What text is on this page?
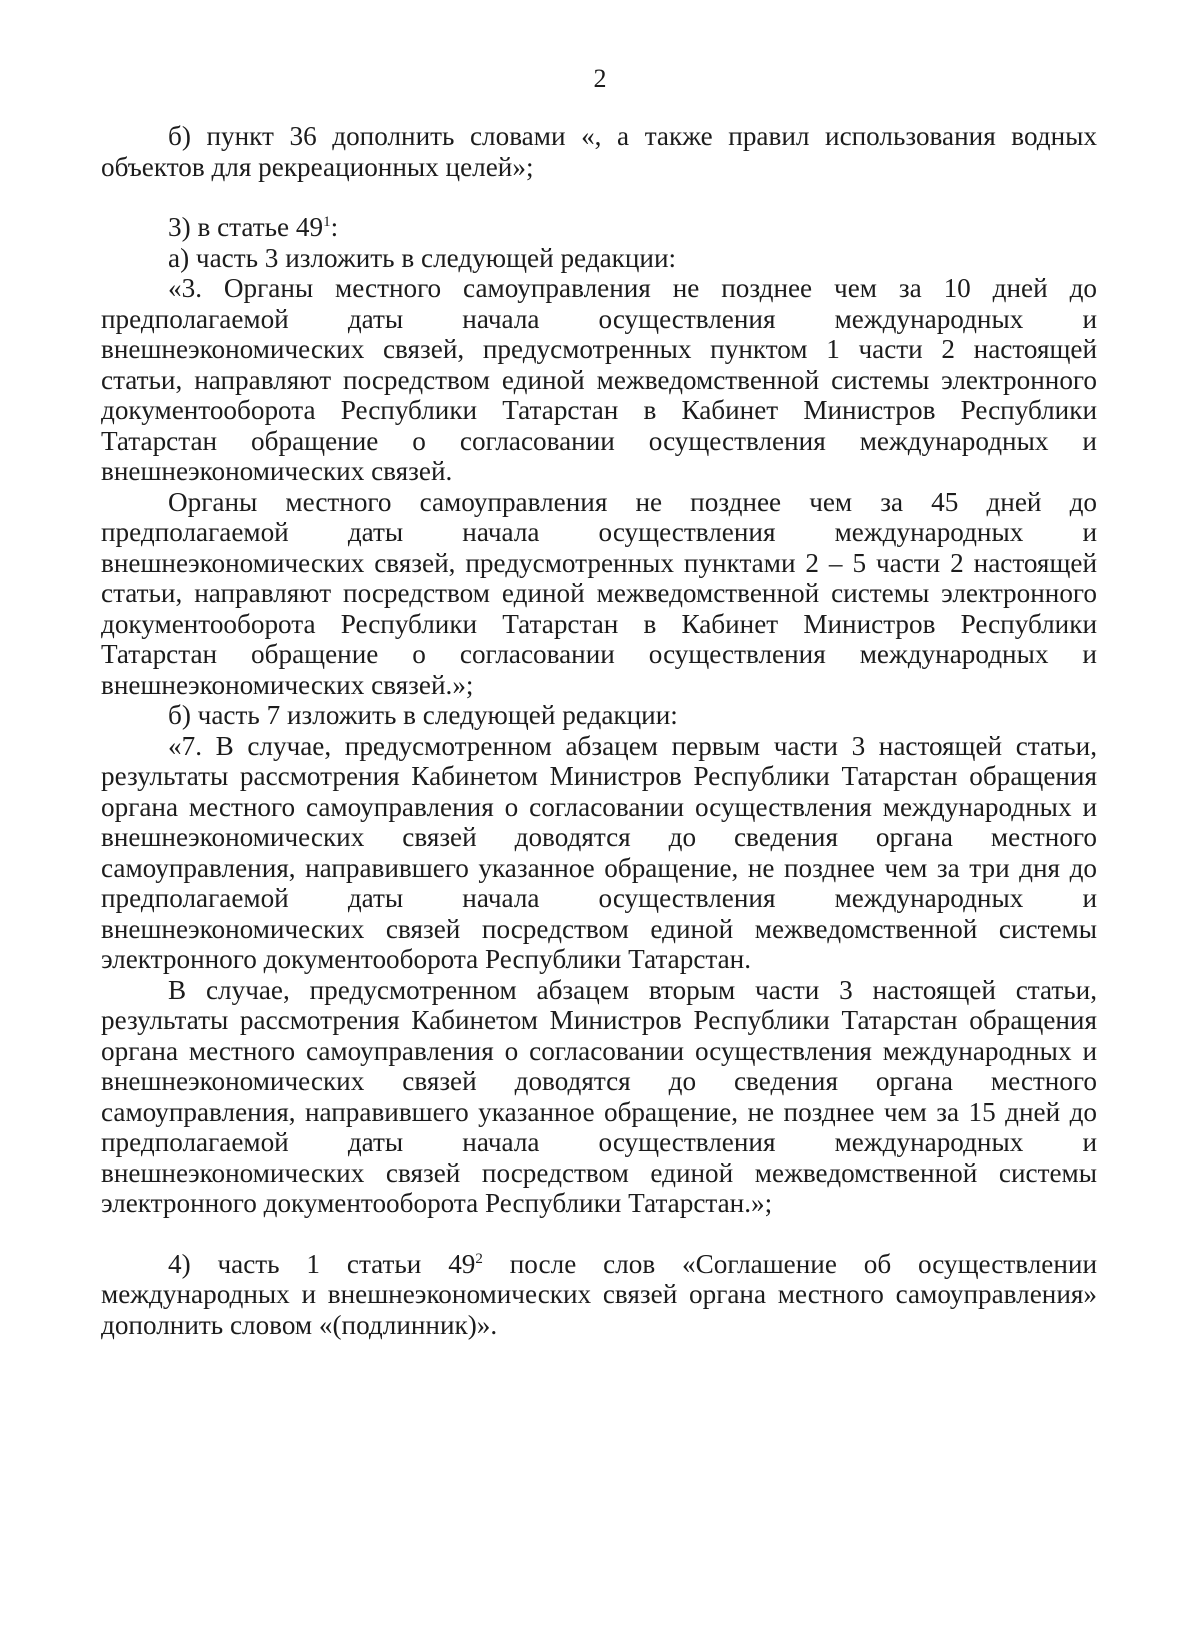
2

б) пункт 36 дополнить словами «, а также правил использования водных объектов для рекреационных целей»;

3) в статье $49^1$:

а) часть 3 изложить в следующей редакции:

«3. Органы местного самоуправления не позднее чем за 10 дней до предполагаемой даты начала осуществления международных и внешнеэкономических связей, предусмотренных пунктом 1 части 2 настоящей статьи, направляют посредством единой межведомственной системы электронного документооборота Республики Татарстан в Кабинет Министров Республики Татарстан обращение о согласовании осуществления международных и внешнеэкономических связей.

Органы местного самоуправления не позднее чем за 45 дней до предполагаемой даты начала осуществления международных и внешнеэкономических связей, предусмотренных пунктами 2 – 5 части 2 настоящей статьи, направляют посредством единой межведомственной системы электронного документооборота Республики Татарстан в Кабинет Министров Республики Татарстан обращение о согласовании осуществления международных и внешнеэкономических связей.»;

б) часть 7 изложить в следующей редакции:

«7. В случае, предусмотренном абзацем первым части 3 настоящей статьи, результаты рассмотрения Кабинетом Министров Республики Татарстан обращения органа местного самоуправления о согласовании осуществления международных и внешнеэкономических связей доводятся до сведения органа местного самоуправления, направившего указанное обращение, не позднее чем за три дня до предполагаемой даты начала осуществления международных и внешнеэкономических связей посредством единой межведомственной системы электронного документооборота Республики Татарстан.

В случае, предусмотренном абзацем вторым части 3 настоящей статьи, результаты рассмотрения Кабинетом Министров Республики Татарстан обращения органа местного самоуправления о согласовании осуществления международных и внешнеэкономических связей доводятся до сведения органа местного самоуправления, направившего указанное обращение, не позднее чем за 15 дней до предполагаемой даты начала осуществления международных и внешнеэкономических связей посредством единой межведомственной системы электронного документооборота Республики Татарстан.»;

4) часть 1 статьи $49^2$ после слов «Соглашение об осуществлении международных и внешнеэкономических связей органа местного самоуправления» дополнить словом «(подлинник)».
